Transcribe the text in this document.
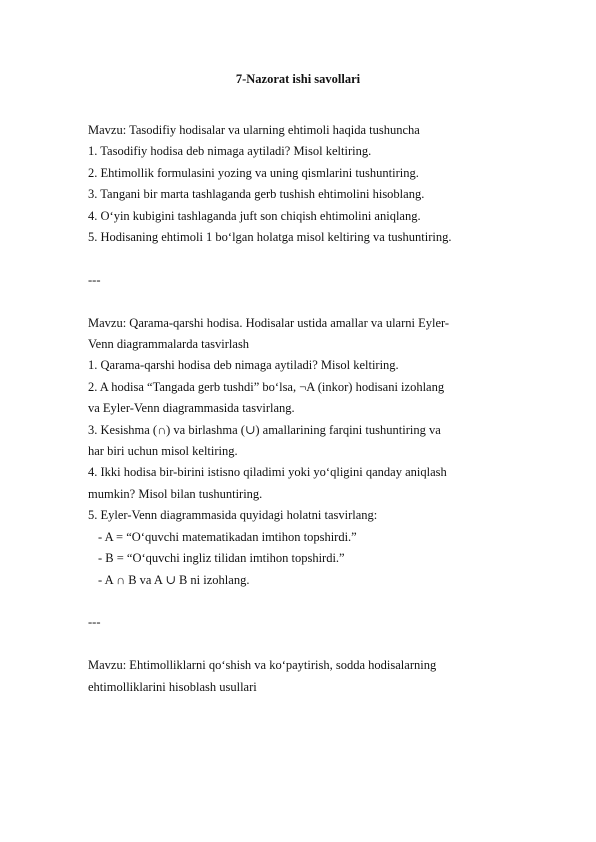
7-Nazorat ishi savollari
Mavzu: Tasodifiy hodisalar va ularning ehtimoli haqida tushuncha
1. Tasodifiy hodisa deb nimaga aytiladi? Misol keltiring.
2. Ehtimollik formulasini yozing va uning qismlarini tushuntiring.
3. Tangani bir marta tashlaganda gerb tushish ehtimolini hisoblang.
4. O‘yin kubigini tashlaganda juft son chiqish ehtimolini aniqlang.
5. Hodisaning ehtimoli 1 bo‘lgan holatga misol keltiring va tushuntiring.
---
Mavzu: Qarama-qarshi hodisa. Hodisalar ustida amallar va ularni Eyler-
Venn diagrammalarda tasvirlash
1. Qarama-qarshi hodisa deb nimaga aytiladi? Misol keltiring.
2. A hodisa “Tangada gerb tushdi” bo‘lsa, ¬A (inkor) hodisani izohlang
va Eyler-Venn diagrammasida tasvirlang.
3. Kesishma (∩) va birlashma (∪) amallarining farqini tushuntiring va
har biri uchun misol keltiring.
4. Ikki hodisa bir-birini istisno qiladimi yoki yo‘qligini qanday aniqlash
mumkin? Misol bilan tushuntiring.
5. Eyler-Venn diagrammasida quyidagi holatni tasvirlang:
- A = “O‘quvchi matematikadan imtihon topshirdi.”
- B = “O‘quvchi ingliz tilidan imtihon topshirdi.”
- A ∩ B va A ∪ B ni izohlang.
---
Mavzu: Ehtimolliklarni qo‘shish va ko‘paytirish, sodda hodisalarning
ehtimolliklarini hisoblash usullari
